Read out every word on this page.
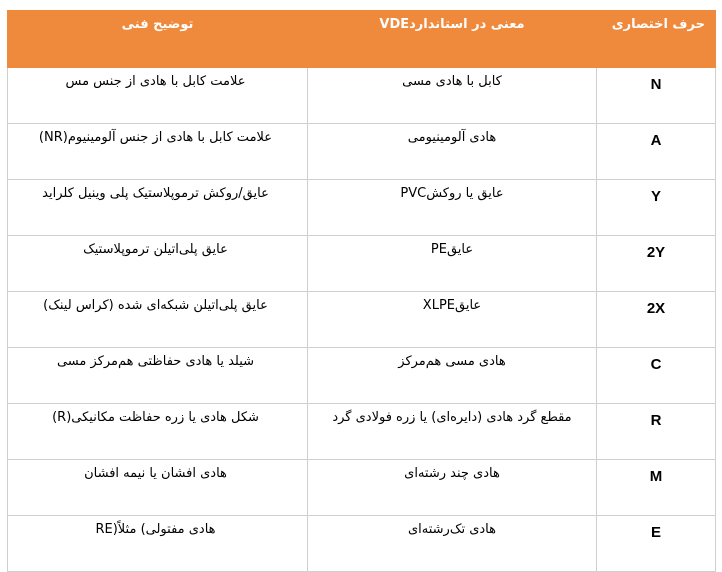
حرف اختصاری	معنی در استانداردVDE	توضیح فنی
N	کابل با هادی مسی	علامت کابل با هادی از جنس مس
A	هادی آلومینیومی	علامت کابل با هادی از جنس آلومینیوم(NR)
Y	عایق یا روکشPVC	عایق/روکش ترموپلاستیک پلی وینیل کلراید
2Y	عایقPE	عایق پلی‌اتیلن ترموپلاستیک
2X	عایقXLPE	عایق پلی‌اتیلن شبکه‌ای شده (کراس لینک)
C	هادی مسی هم‌مرکز	شیلد یا هادی حفاظتی هم‌مرکز مسی
R	مقطع گرد هادی (دایره‌ای) یا زره فولادی گرد	شکل هادی یا زره حفاظت مکانیکی(R)
M	هادی چند رشته‌ای	هادی افشان یا نیمه افشان
E	هادی تک‌رشته‌ای	هادی مفتولی) مثلاً(RE
